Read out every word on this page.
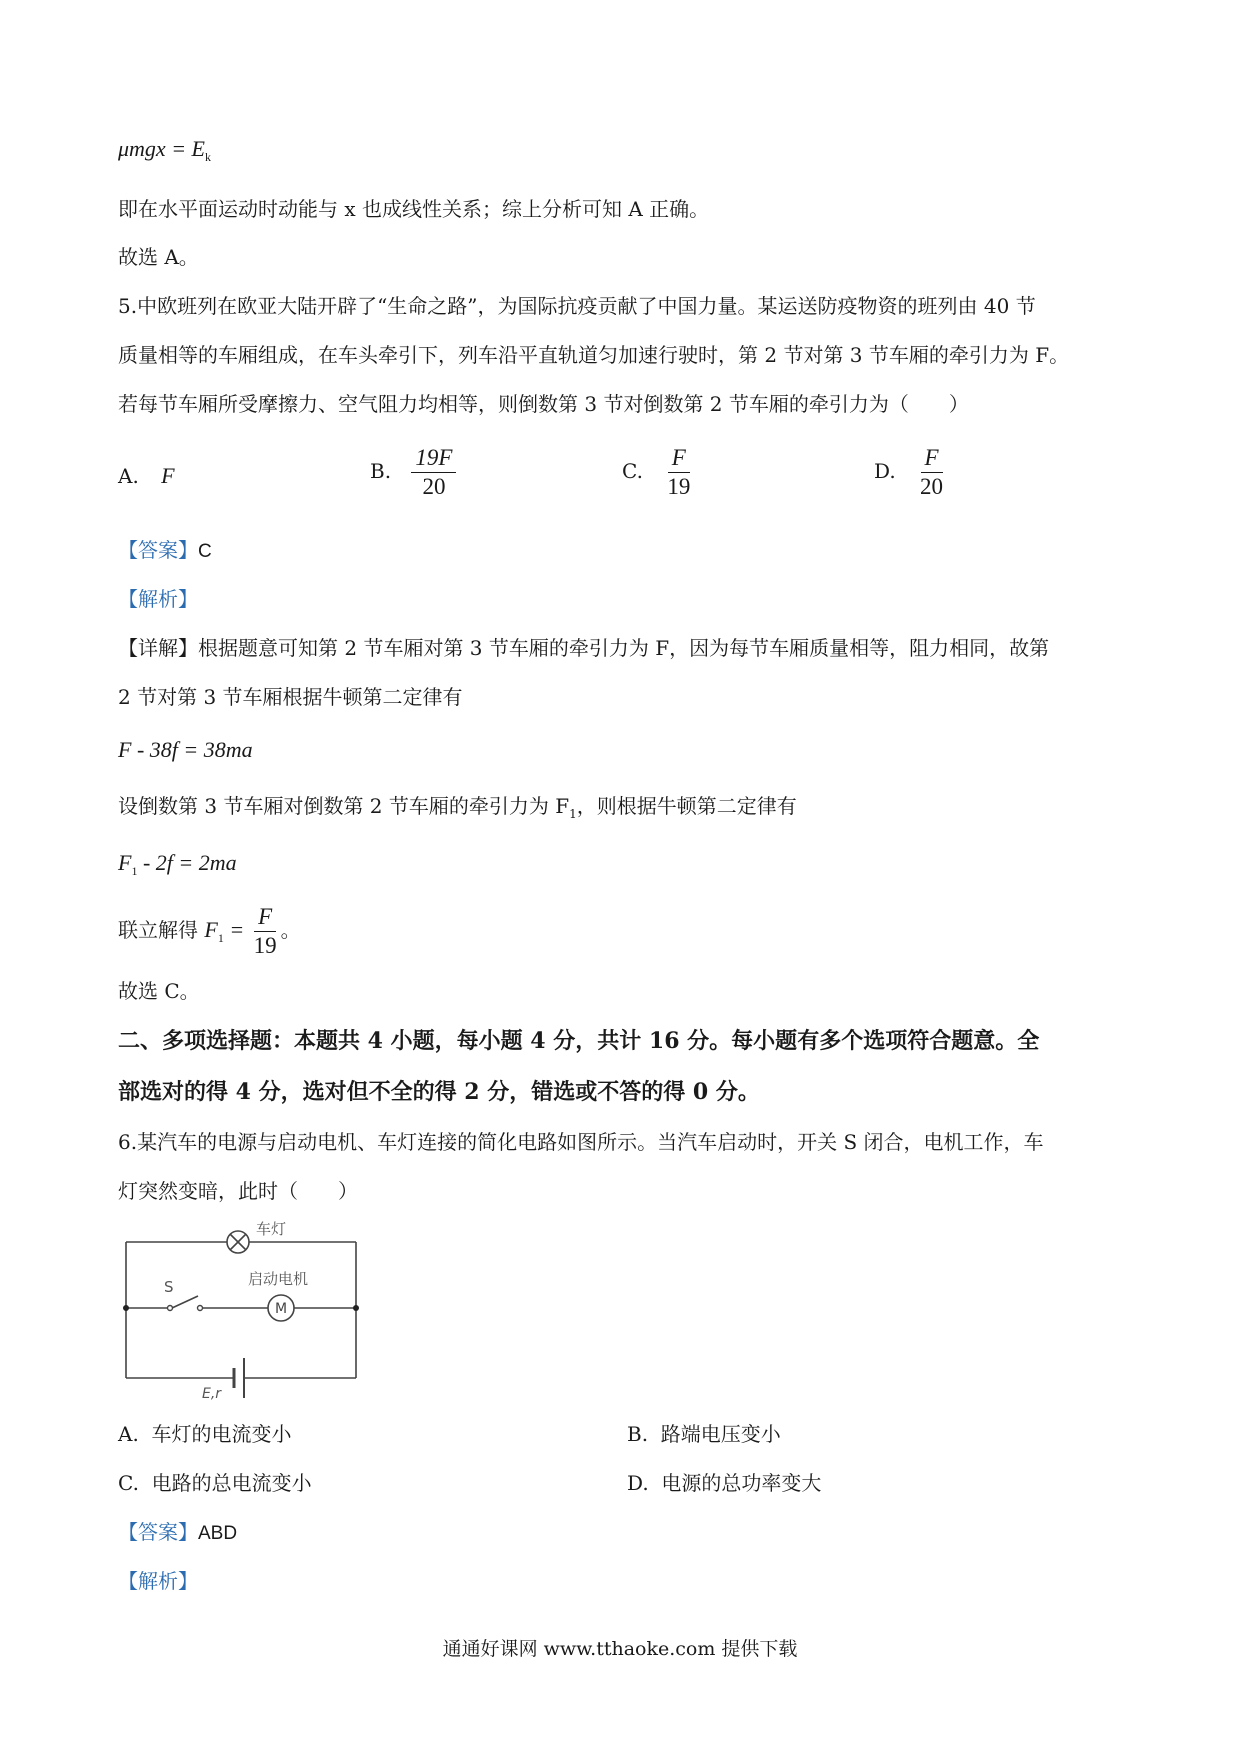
$\mu mgx = E_k$
即在水平面运动时动能与 x 也成线性关系；综上分析可知 A 正确。
故选 A。
5.中欧班列在欧亚大陆开辟了“生命之路”，为国际抗疫贡献了中国力量。某运送防疫物资的班列由 40 节
质量相等的车厢组成，在车头牵引下，列车沿平直轨道匀加速行驶时，第 2 节对第 3 节车厢的牵引力为 F。
若每节车厢所受摩擦力、空气阻力均相等，则倒数第 3 节对倒数第 2 节车厢的牵引力为（　　）
A. F	B. $\frac{19F}{20}$	C. $\frac{F}{19}$	D. $\frac{F}{20}$
【答案】C
【解析】
【详解】根据题意可知第 2 节车厢对第 3 节车厢的牵引力为 F，因为每节车厢质量相等，阻力相同，故第
2 节对第 3 节车厢根据牛顿第二定律有
F - 38f = 38ma
设倒数第 3 节车厢对倒数第 2 节车厢的牵引力为 $F_1$，则根据牛顿第二定律有
$F_1 - 2f = 2ma$
联立解得 $F_1 = \frac{F}{19}$ 。
故选 C。
二、多项选择题：本题共 4 小题，每小题 4 分，共计 16 分。每小题有多个选项符合题意。全
部选对的得 4 分，选对但不全的得 2 分，错选或不答的得 0 分。
6.某汽车的电源与启动电机、车灯连接的简化电路如图所示。当汽车启动时，开关 S 闭合，电机工作，车
灯突然变暗，此时（　　）
车灯
S	启动电机
M
E,r
A. 车灯的电流变小	B. 路端电压变小
C. 电路的总电流变小	D. 电源的总功率变大
【答案】ABD
【解析】
通通好课网 www.tthaoke.com 提供下载
